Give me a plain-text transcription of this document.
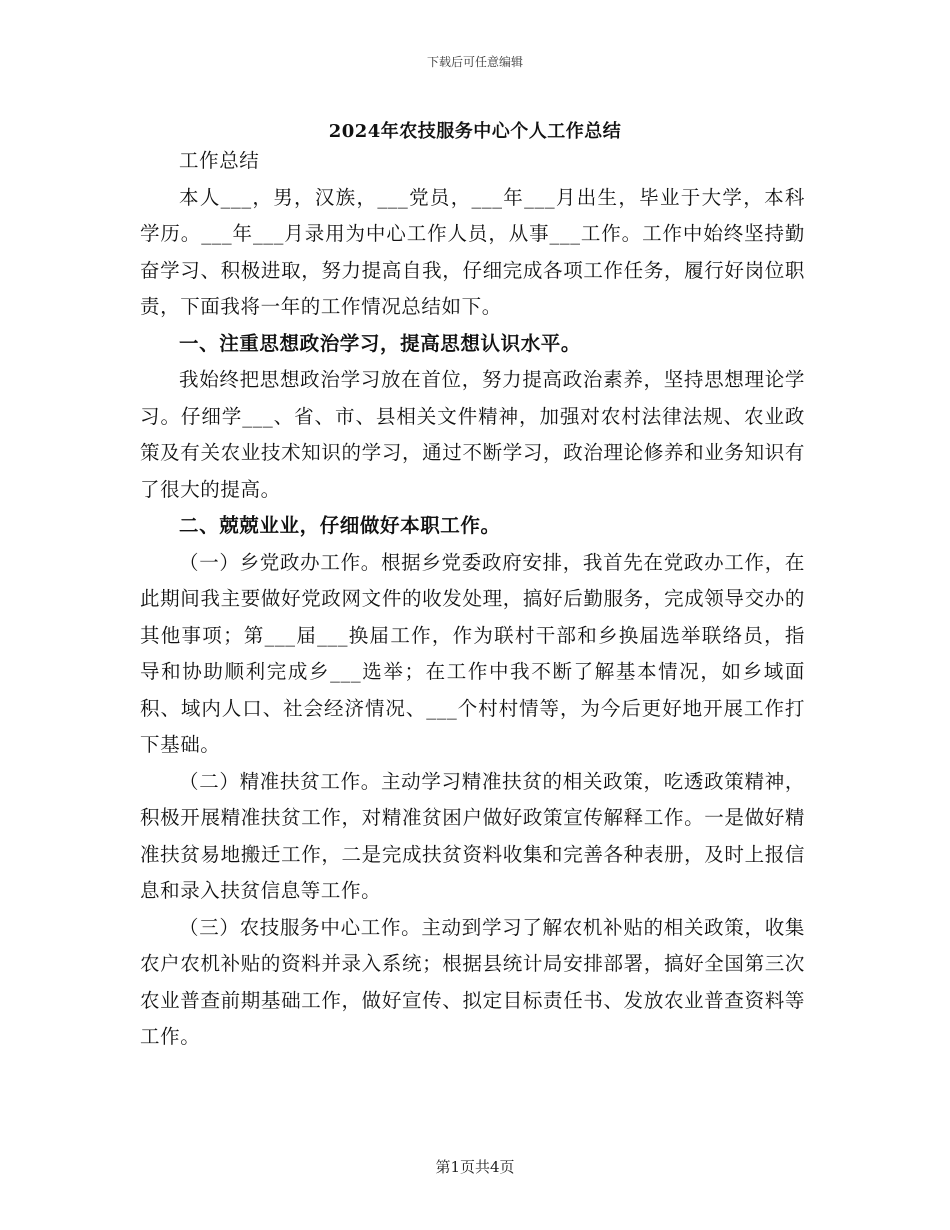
下载后可任意编辑
2024年农技服务中心个人工作总结

工作总结

本人___，男，汉族，___党员，___年___月出生，毕业于大学，本科学历。___年___月录用为中心工作人员，从事___工作。工作中始终坚持勤奋学习、积极进取，努力提高自我，仔细完成各项工作任务，履行好岗位职责，下面我将一年的工作情况总结如下。

一、注重思想政治学习，提高思想认识水平。

我始终把思想政治学习放在首位，努力提高政治素养，坚持思想理论学习。仔细学___、省、市、县相关文件精神，加强对农村法律法规、农业政策及有关农业技术知识的学习，通过不断学习，政治理论修养和业务知识有了很大的提高。

二、兢兢业业，仔细做好本职工作。

（一）乡党政办工作。根据乡党委政府安排，我首先在党政办工作，在此期间我主要做好党政网文件的收发处理，搞好后勤服务，完成领导交办的其他事项；第___届___换届工作，作为联村干部和乡换届选举联络员，指导和协助顺利完成乡___选举；在工作中我不断了解基本情况，如乡域面积、域内人口、社会经济情况、___个村村情等，为今后更好地开展工作打下基础。

（二）精准扶贫工作。主动学习精准扶贫的相关政策，吃透政策精神，积极开展精准扶贫工作，对精准贫困户做好政策宣传解释工作。一是做好精准扶贫易地搬迁工作，二是完成扶贫资料收集和完善各种表册，及时上报信息和录入扶贫信息等工作。

（三）农技服务中心工作。主动到学习了解农机补贴的相关政策，收集农户农机补贴的资料并录入系统；根据县统计局安排部署，搞好全国第三次农业普查前期基础工作，做好宣传、拟定目标责任书、发放农业普查资料等工作。

第1页共4页
